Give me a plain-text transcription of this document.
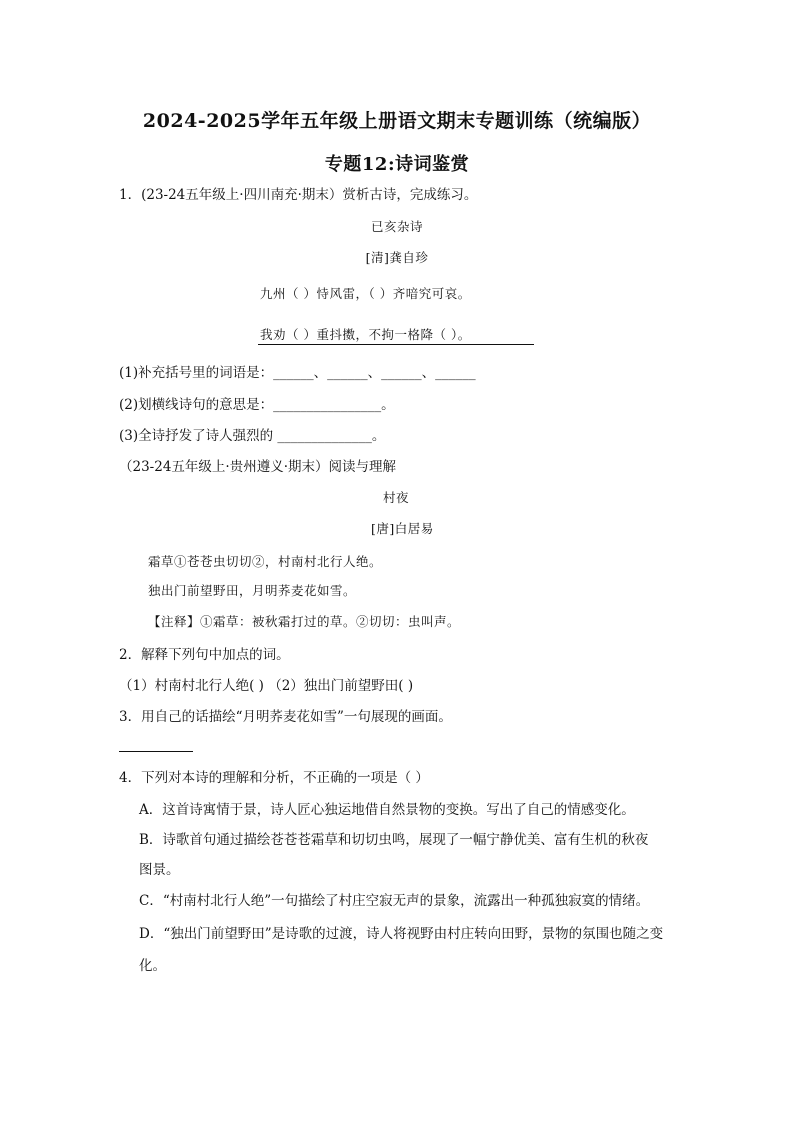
2024-2025学年五年级上册语文期末专题训练（统编版）
专题12:诗词鉴赏
1．(23-24五年级上·四川南充·期末）赏析古诗，完成练习。
已亥杂诗
[清]龚自珍
九州（ ）恃风雷，（ ）齐喑究可哀。
我劝（ ）重抖擞，不拘一格降（ ）。
(1)补充括号里的词语是：______、______、______、______
(2)划横线诗句的意思是：________________。
(3)全诗抒发了诗人强烈的 ______________。
（23-24五年级上·贵州遵义·期末）阅读与理解
村夜
[唐]白居易
霜草①苍苍虫切切②，村南村北行人绝。
独出门前望野田，月明荞麦花如雪。
【注释】①霜草：被秋霜打过的草。②切切：虫叫声。
2．解释下列句中加点的词。
（1）村南村北行人绝( ) （2）独出门前望野田( )
3．用自己的话描绘“月明荞麦花如雪”一句展现的画面。
4．下列对本诗的理解和分析，不正确的一项是（ ）
A．这首诗寓情于景，诗人匠心独运地借自然景物的变换。写出了自己的情感变化。
B．诗歌首句通过描绘苍苍苍霜草和切切虫鸣，展现了一幅宁静优美、富有生机的秋夜
图景。
C．“村南村北行人绝”一句描绘了村庄空寂无声的景象，流露出一种孤独寂寞的情绪。
D．“独出门前望野田”是诗歌的过渡，诗人将视野由村庄转向田野，景物的氛围也随之变
化。
